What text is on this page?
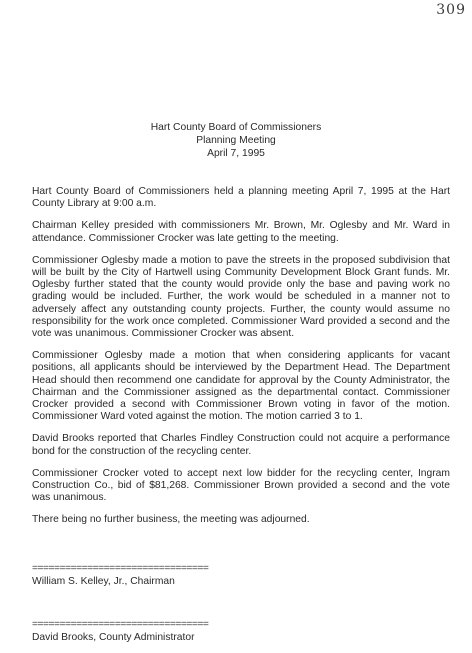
309
Hart County Board of Commissioners
Planning Meeting
April 7, 1995

Hart County Board of Commissioners held a planning meeting April 7, 1995 at the Hart County Library at 9:00 a.m.

Chairman Kelley presided with commissioners Mr. Brown, Mr. Oglesby and Mr. Ward in attendance. Commissioner Crocker was late getting to the meeting.

Commissioner Oglesby made a motion to pave the streets in the proposed subdivision that will be built by the City of Hartwell using Community Development Block Grant funds. Mr. Oglesby further stated that the county would provide only the base and paving work no grading would be included. Further, the work would be scheduled in a manner not to adversely affect any outstanding county projects. Further, the county would assume no responsibility for the work once completed. Commissioner Ward provided a second and the vote was unanimous. Commissioner Crocker was absent.

Commissioner Oglesby made a motion that when considering applicants for vacant positions, all applicants should be interviewed by the Department Head. The Department Head should then recommend one candidate for approval by the County Administrator, the Chairman and the Commissioner assigned as the departmental contact. Commissioner Crocker provided a second with Commissioner Brown voting in favor of the motion. Commissioner Ward voted against the motion. The motion carried 3 to 1.

David Brooks reported that Charles Findley Construction could not acquire a performance bond for the construction of the recycling center.

Commissioner Crocker voted to accept next low bidder for the recycling center, Ingram Construction Co., bid of $81,268. Commissioner Brown provided a second and the vote was unanimous.

There being no further business, the meeting was adjourned.

================================
William S. Kelley, Jr., Chairman
================================
David Brooks, County Administrator
